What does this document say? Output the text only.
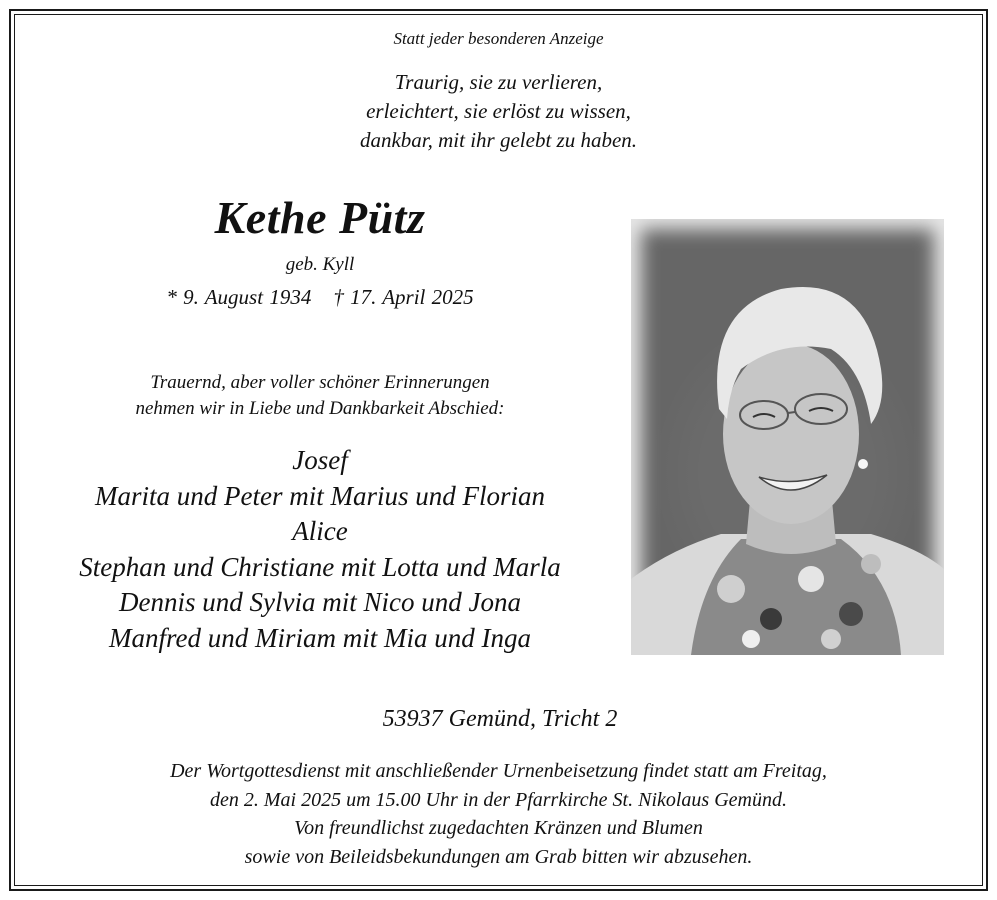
Statt jeder besonderen Anzeige
Traurig, sie zu verlieren,
erleichtert, sie erlöst zu wissen,
dankbar, mit ihr gelebt zu haben.
Kethe Pütz
geb. Kyll
* 9. August 1934 † 17. April 2025
Trauernd, aber voller schöner Erinnerungen
nehmen wir in Liebe und Dankbarkeit Abschied:
Josef
Marita und Peter mit Marius und Florian
Alice
Stephan und Christiane mit Lotta und Marla
Dennis und Sylvia mit Nico und Jona
Manfred und Miriam mit Mia und Inga
53937 Gemünd, Tricht 2
Der Wortgottesdienst mit anschließender Urnenbeisetzung findet statt am Freitag,
den 2. Mai 2025 um 15.00 Uhr in der Pfarrkirche St. Nikolaus Gemünd.
Von freundlichst zugedachten Kränzen und Blumen
sowie von Beileidsbekundungen am Grab bitten wir abzusehen.
